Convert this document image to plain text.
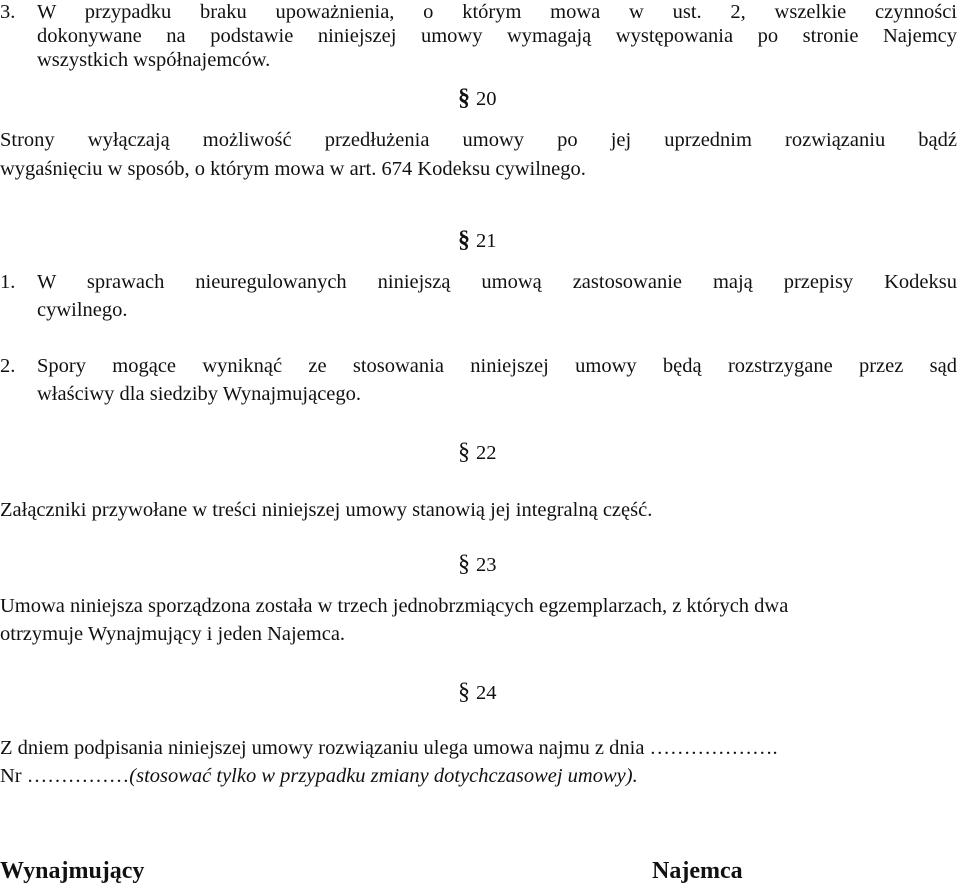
3. W przypadku braku upoważnienia, o którym mowa w ust. 2, wszelkie czynności
dokonywane na podstawie niniejszej umowy wymagają występowania po stronie Najemcy
wszystkich współnajemców.
§ 20
Strony wyłączają możliwość przedłużenia umowy po jej uprzednim rozwiązaniu bądź
wygaśnięciu w sposób, o którym mowa w art. 674 Kodeksu cywilnego.
§ 21
1. W sprawach nieuregulowanych niniejszą umową zastosowanie mają przepisy Kodeksu
cywilnego.
2. Spory mogące wyniknąć ze stosowania niniejszej umowy będą rozstrzygane przez sąd
właściwy dla siedziby Wynajmującego.
§ 22
Załączniki przywołane w treści niniejszej umowy stanowią jej integralną część.
§ 23
Umowa niniejsza sporządzona została w trzech jednobrzmiących egzemplarzach, z których dwa
otrzymuje Wynajmujący i jeden Najemca.
§ 24
Z dniem podpisania niniejszej umowy rozwiązaniu ulega umowa najmu z dnia ……………….
Nr ……………(stosować tylko w przypadku zmiany dotychczasowej umowy).
Wynajmujący	Najemca
